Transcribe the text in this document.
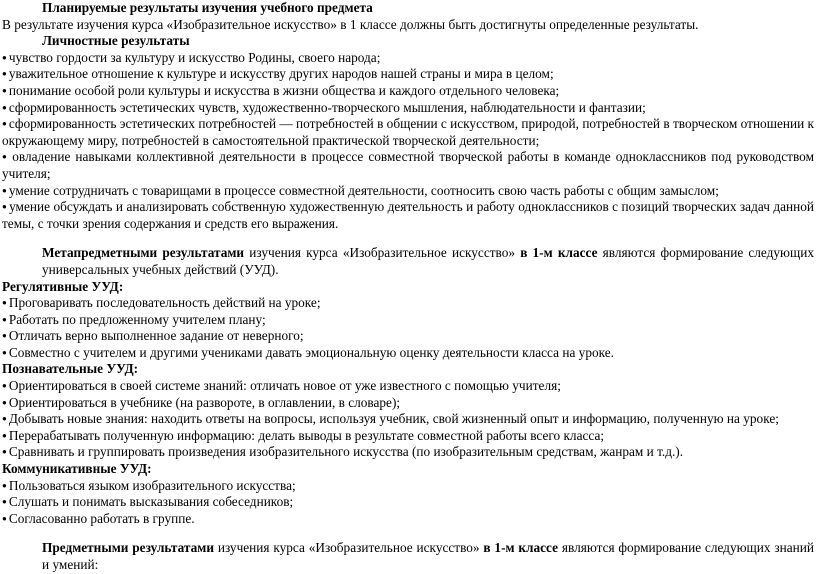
Планируемые результаты изучения учебного предмета

В результате изучения курса «Изобразительное искусство» в 1 классе должны быть достигнуты определенные результаты.

Личностные результаты

● чувство гордости за культуру и искусство Родины, своего народа;

● уважительное отношение к культуре и искусству других народов нашей страны и мира в целом;

● понимание особой роли культуры и искусства в жизни общества и каждого отдельного человека;

● сформированность эстетических чувств, художественно-творческого мышления, наблюдательности и фантазии;

● сформированность эстетических потребностей — потребностей в общении с искусством, природой, потребностей в творческом отношении к окружающему миру, потребностей в самостоятельной практической творческой деятельности;

● овладение навыками коллективной деятельности в процессе совместной творческой работы в команде одноклассников под руководством учителя;

● умение сотрудничать с товарищами в процессе совместной деятельности, соотносить свою часть работы с общим замыслом;

● умение обсуждать и анализировать собственную художественную деятельность и работу одноклассников с позиций творческих задач данной темы, с точки зрения содержания и средств его выражения.

Метапредметными результатами изучения курса «Изобразительное искусство» в 1-м классе являются формирование следующих универсальных учебных действий (УУД).

Регулятивные УУД:

● Проговаривать последовательность действий на уроке;

● Работать по предложенному учителем плану;

● Отличать верно выполненное задание от неверного;

● Совместно с учителем и другими учениками давать эмоциональную оценку деятельности класса на уроке.

Познавательные УУД:

● Ориентироваться в своей системе знаний: отличать новое от уже известного с помощью учителя;

● Ориентироваться в учебнике (на развороте, в оглавлении, в словаре);

● Добывать новые знания: находить ответы на вопросы, используя учебник, свой жизненный опыт и информацию, полученную на уроке;

● Перерабатывать полученную информацию: делать выводы в результате совместной работы всего класса;

● Сравнивать и группировать произведения изобразительного искусства (по изобразительным средствам, жанрам и т.д.).

Коммуникативные УУД:

● Пользоваться языком изобразительного искусства;

● Слушать и понимать высказывания собеседников;

● Согласованно работать в группе.

Предметными результатами изучения курса «Изобразительное искусство» в 1-м классе являются формирование следующих знаний и умений:
